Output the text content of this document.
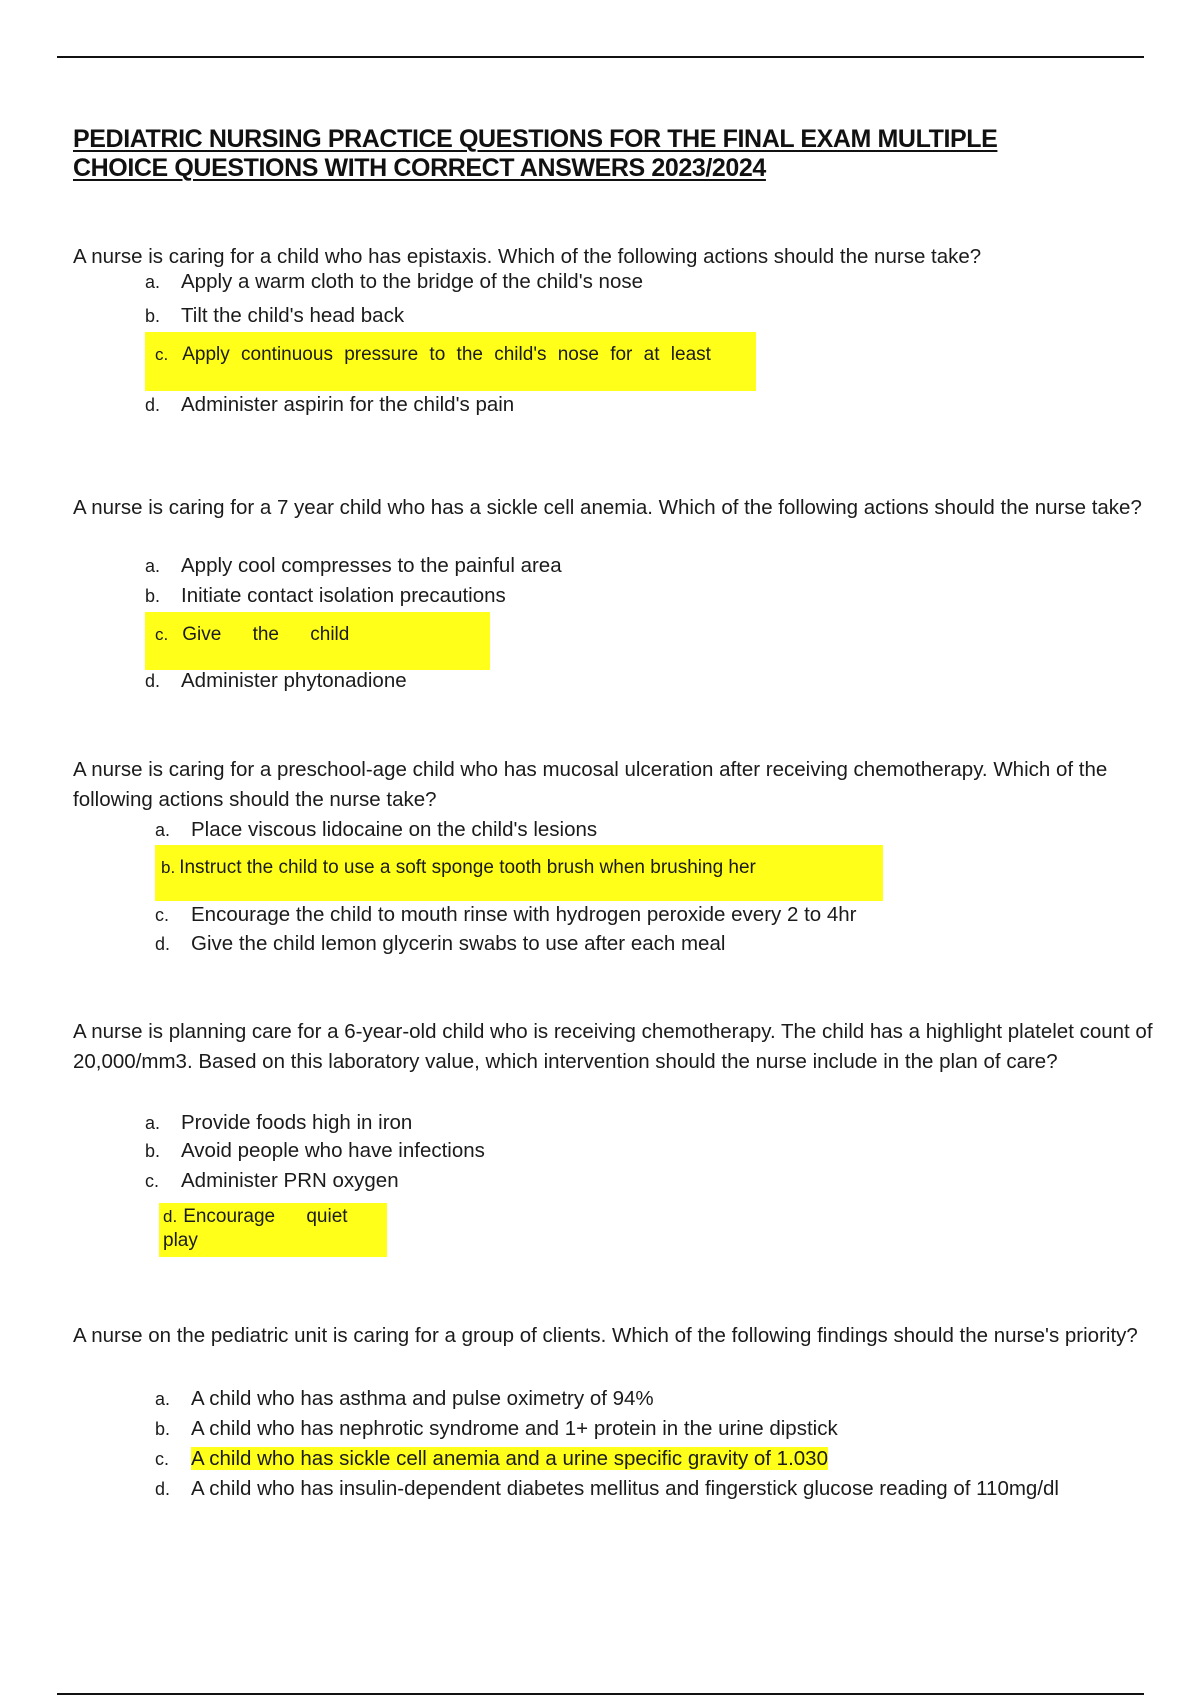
PEDIATRIC NURSING PRACTICE QUESTIONS FOR THE FINAL EXAM MULTIPLE
CHOICE QUESTIONS WITH CORRECT ANSWERS 2023/2024

A nurse is caring for a child who has epistaxis. Which of the following actions should the nurse take?

a. Apply a warm cloth to the bridge of the child's nose
b. Tilt the child's head back
c. Apply continuous pressure to the child's nose for at least
d. Administer aspirin for the child's pain

A nurse is caring for a 7 year child who has a sickle cell anemia. Which of the following actions should the nurse take?

a. Apply cool compresses to the painful area
b. Initiate contact isolation precautions
c. Give the child
d. Administer phytonadione

A nurse is caring for a preschool-age child who has mucosal ulceration after receiving chemotherapy. Which of the following actions should the nurse take?

a. Place viscous lidocaine on the child's lesions
b. Instruct the child to use a soft sponge tooth brush when brushing her
c. Encourage the child to mouth rinse with hydrogen peroxide every 2 to 4hr
d. Give the child lemon glycerin swabs to use after each meal

A nurse is planning care for a 6-year-old child who is receiving chemotherapy. The child has a highlight platelet count of 20,000/mm3. Based on this laboratory value, which intervention should the nurse include in the plan of care?

a. Provide foods high in iron
b. Avoid people who have infections
c. Administer PRN oxygen
d. Encourage quiet
play

A nurse on the pediatric unit is caring for a group of clients. Which of the following findings should the nurse's priority?

a. A child who has asthma and pulse oximetry of 94%
b. A child who has nephrotic syndrome and 1+ protein in the urine dipstick
c. A child who has sickle cell anemia and a urine specific gravity of 1.030
d. A child who has insulin-dependent diabetes mellitus and fingerstick glucose reading of 110mg/dl
